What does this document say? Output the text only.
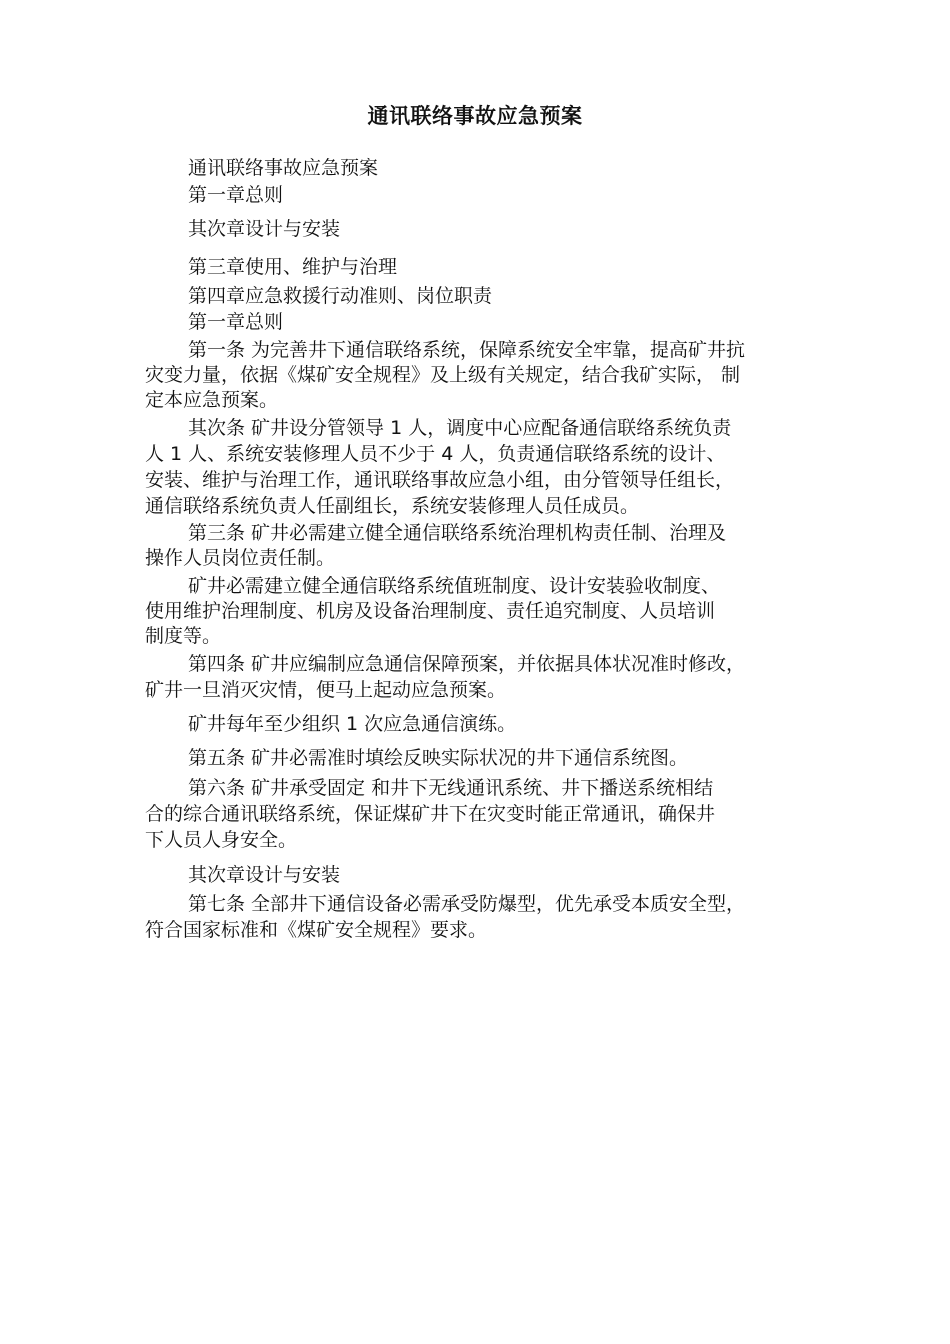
通讯联络事故应急预案
通讯联络事故应急预案
第一章总则
其次章设计与安装
第三章使用、维护与治理
第四章应急救援行动准则、岗位职责
第一章总则
第一条 为完善井下通信联络系统，保障系统安全牢靠，提高矿井抗
灾变力量，依据《煤矿安全规程》及上级有关规定，结合我矿实际， 制
定本应急预案。
其次条 矿井设分管领导 1 人，调度中心应配备通信联络系统负责
人 1 人、系统安装修理人员不少于 4 人，负责通信联络系统的设计、
安装、维护与治理工作，通讯联络事故应急小组，由分管领导任组长，
通信联络系统负责人任副组长，系统安装修理人员任成员。
第三条 矿井必需建立健全通信联络系统治理机构责任制、治理及
操作人员岗位责任制。
矿井必需建立健全通信联络系统值班制度、设计安装验收制度、
使用维护治理制度、机房及设备治理制度、责任追究制度、人员培训
制度等。
第四条 矿井应编制应急通信保障预案，并依据具体状况准时修改，
矿井一旦消灭灾情，便马上起动应急预案。
矿井每年至少组织 1 次应急通信演练。
第五条 矿井必需准时填绘反映实际状况的井下通信系统图。
第六条 矿井承受固定 和井下无线通讯系统、井下播送系统相结
合的综合通讯联络系统，保证煤矿井下在灾变时能正常通讯，确保井
下人员人身安全。
其次章设计与安装
第七条 全部井下通信设备必需承受防爆型，优先承受本质安全型，
符合国家标准和《煤矿安全规程》要求。
